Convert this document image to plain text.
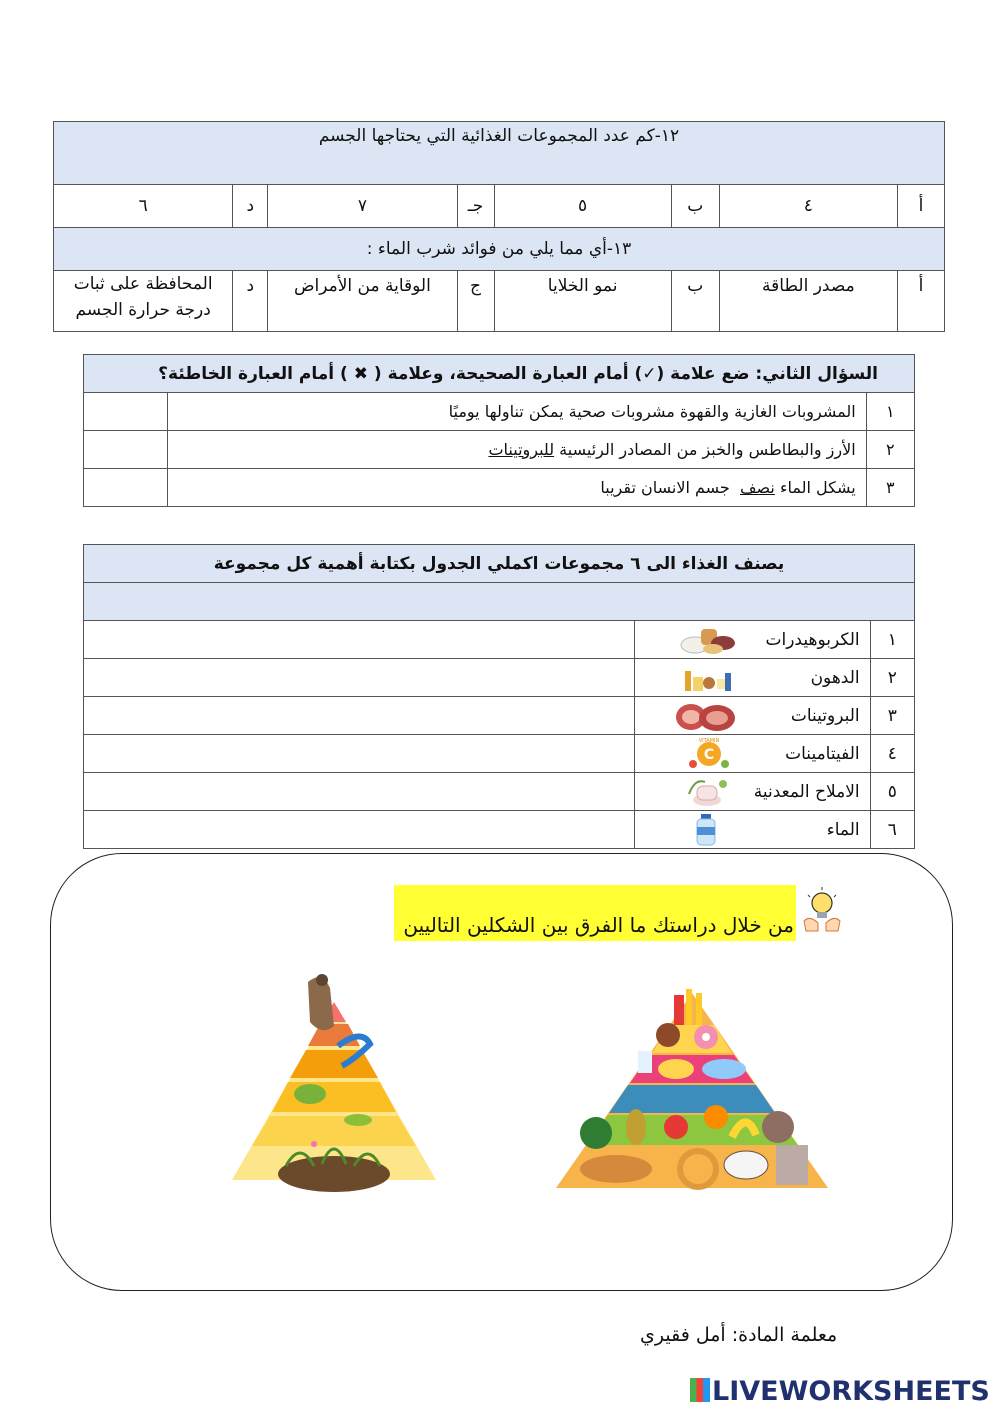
١٢-كم عدد المجموعات الغذائية التي يحتاجها الجسم							
أ	٤	ب	٥	جـ	٧	د	٦
١٣-أي مما يلي من فوائد شرب الماء :							
أ	مصدر الطاقة	ب	نمو الخلايا	ج	الوقاية من الأمراض	د	المحافظة على ثبات درجة حرارة الجسم
السؤال الثاني: ضع علامة (✓) أمام العبارة الصحيحة، وعلامة ( ✖ ) أمام العبارة الخاطئة؟		
١	المشروبات الغازية والقهوة مشروبات صحية يمكن تناولها يوميًا	
٢	الأرز والبطاطس والخبز من المصادر الرئيسية للبروتينات	
٣	يشكل الماء نصف  جسم الانسان تقريبا	
يصنف الغذاء الى ٦ مجموعات اكملي الجدول بكتابة أهمية كل مجموعة		

١	الكربوهيدرات

٢	الدهون

٣	البروتينات

٤	الفيتامينات
C
VITAMIN	

٥	الاملاح المعدنية

٦	الماء

من خلال دراستك ما الفرق بين الشكلين التاليين
معلمة المادة: أمل فقيري
LIVEWORKSHEETS
